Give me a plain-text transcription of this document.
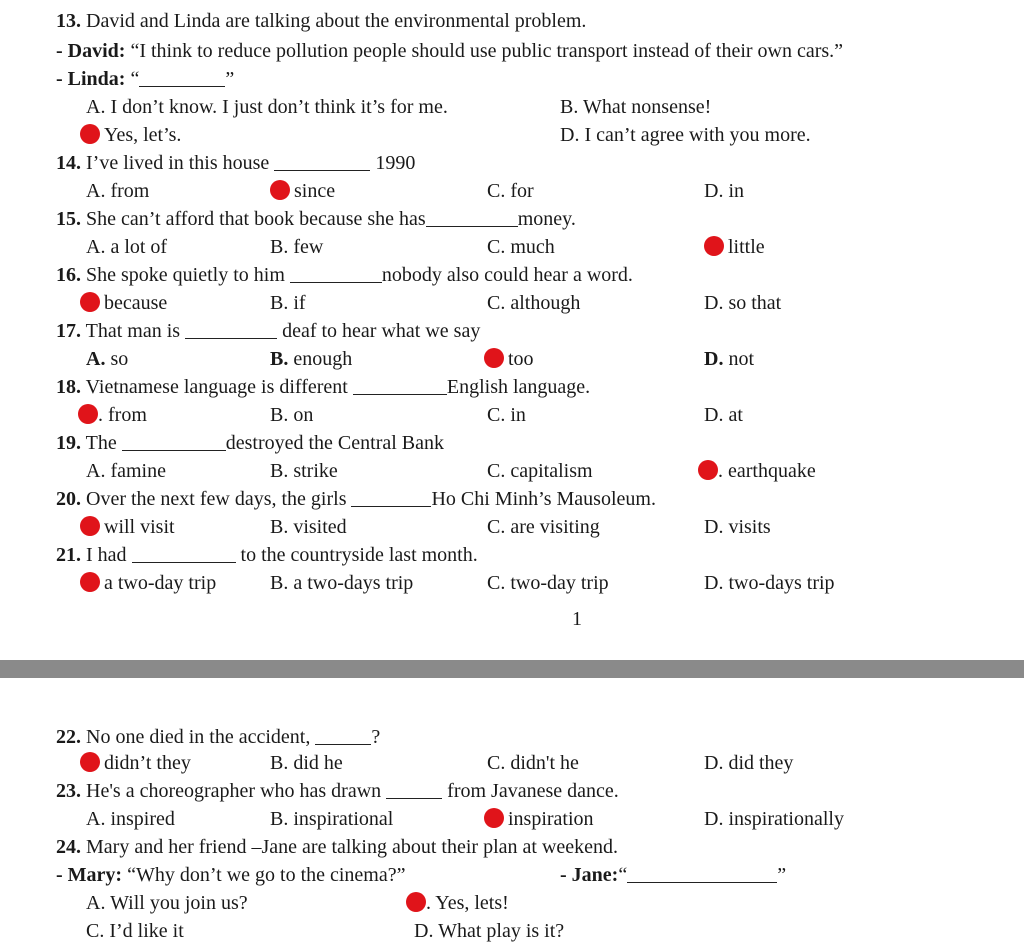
13. David and Linda are talking about the environmental problem.
- David: “I think to reduce pollution people should use public transport instead of their own cars.”
- Linda: “	”
A. I don’t know. I just don’t think it’s for me.	B. What nonsense!
Yes, let’s.	D. I can’t agree with you more.
14. I’ve lived in this house	1990
A. from	since	C. for	D. in
15. She can’t afford that book because she has	money.
A. a lot of	B. few	C. much	little
16. She spoke quietly to him	nobody also could hear a word.
because	B. if	C. although	D. so that
17. That man is	deaf to hear what we say
A. so	B. enough	too	D. not
18. Vietnamese language is different	English language.
. from	B. on	C. in	D. at
19. The	destroyed the Central Bank
A. famine	B. strike	C. capitalism	. earthquake
20. Over the next few days, the girls	Ho Chi Minh’s Mausoleum.
will visit	B. visited	C. are visiting	D. visits
21. I had	to the countryside last month.
a two-day trip	B. a two-days trip	C. two-day trip	D. two-days trip
1
22. No one died in the accident,	?
didn’t they	B. did he	C. didn't he	D. did they
23. He's a choreographer who has drawn	from Javanese dance.
A. inspired	B. inspirational	inspiration	D. inspirationally
24. Mary and her friend –Jane are talking about their plan at weekend.
- Mary: “Why don’t we go to the cinema?”	- Jane:“	”
A. Will you join us?	. Yes, lets!
C. I’d like it	D. What play is it?
